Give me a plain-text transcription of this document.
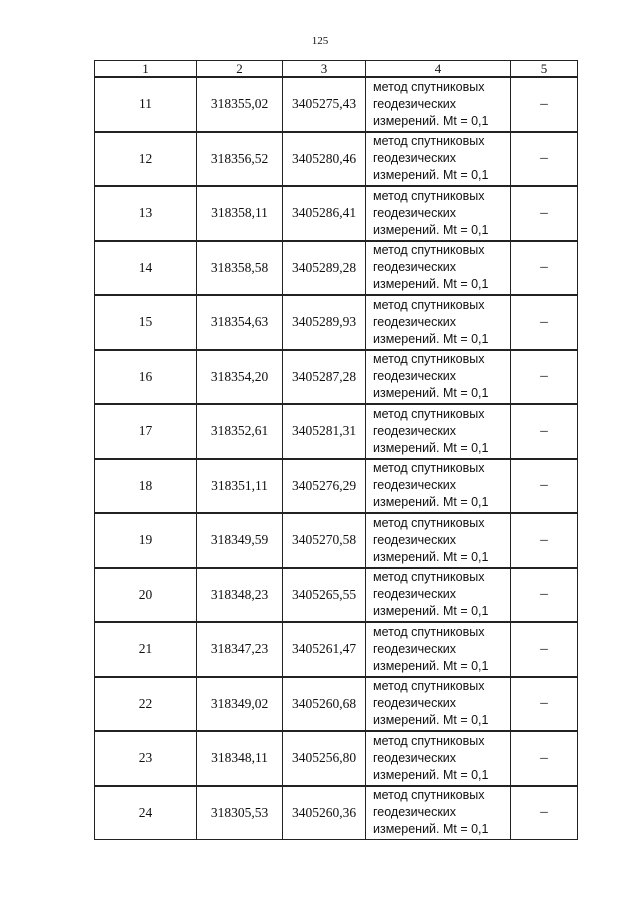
125
1	2	3	4	5
11	318355,02	3405275,43	метод спутниковых
геодезических
измерений. Mt = 0,1	–
12	318356,52	3405280,46	метод спутниковых
геодезических
измерений. Mt = 0,1	–
13	318358,11	3405286,41	метод спутниковых
геодезических
измерений. Mt = 0,1	–
14	318358,58	3405289,28	метод спутниковых
геодезических
измерений. Mt = 0,1	–
15	318354,63	3405289,93	метод спутниковых
геодезических
измерений. Mt = 0,1	–
16	318354,20	3405287,28	метод спутниковых
геодезических
измерений. Mt = 0,1	–
17	318352,61	3405281,31	метод спутниковых
геодезических
измерений. Mt = 0,1	–
18	318351,11	3405276,29	метод спутниковых
геодезических
измерений. Mt = 0,1	–
19	318349,59	3405270,58	метод спутниковых
геодезических
измерений. Mt = 0,1	–
20	318348,23	3405265,55	метод спутниковых
геодезических
измерений. Mt = 0,1	–
21	318347,23	3405261,47	метод спутниковых
геодезических
измерений. Mt = 0,1	–
22	318349,02	3405260,68	метод спутниковых
геодезических
измерений. Mt = 0,1	–
23	318348,11	3405256,80	метод спутниковых
геодезических
измерений. Mt = 0,1	–
24	318305,53	3405260,36	метод спутниковых
геодезических
измерений. Mt = 0,1	–
